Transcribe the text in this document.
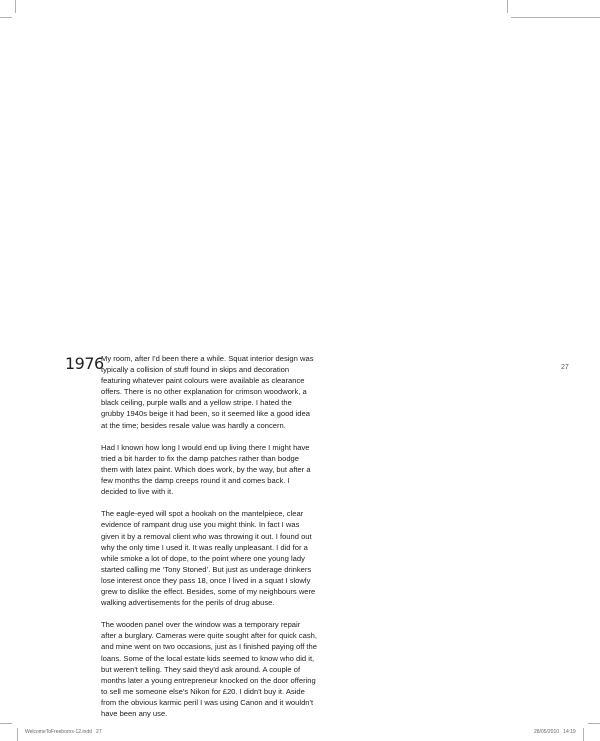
1976

My room, after I'd been there a while. Squat interior design was typically a collision of stuff found in skips and decoration featuring whatever paint colours were available as clearance offers. There is no other explanation for crimson woodwork, a black ceiling, purple walls and a yellow stripe. I hated the grubby 1940s beige it had been, so it seemed like a good idea at the time; besides resale value was hardly a concern.

Had I known how long I would end up living there I might have tried a bit harder to fix the damp patches rather than bodge them with latex paint. Which does work, by the way, but after a few months the damp creeps round it and comes back. I decided to live with it.

The eagle-eyed will spot a hookah on the mantelpiece, clear evidence of rampant drug use you might think. In fact I was given it by a removal client who was throwing it out. I found out why the only time I used it. It was really unpleasant. I did for a while smoke a lot of dope, to the point where one young lady started calling me ‘Tony Stoned’. But just as underage drinkers lose interest once they pass 18, once I lived in a squat I slowly grew to dislike the effect. Besides, some of my neighbours were walking advertisements for the perils of drug abuse.

The wooden panel over the window was a temporary repair after a burglary. Cameras were quite sought after for quick cash, and mine went on two occasions, just as I finished paying off the loans. Some of the local estate kids seemed to know who did it, but weren't telling. They said they'd ask around. A couple of months later a young entrepreneur knocked on the door offering to sell me someone else's Nikon for £20. I didn't buy it. Aside from the obvious karmic peril I was using Canon and it wouldn't have been any use.

27
WelcomeToFreeborns-12.indd   27	28/05/2010   14:19
